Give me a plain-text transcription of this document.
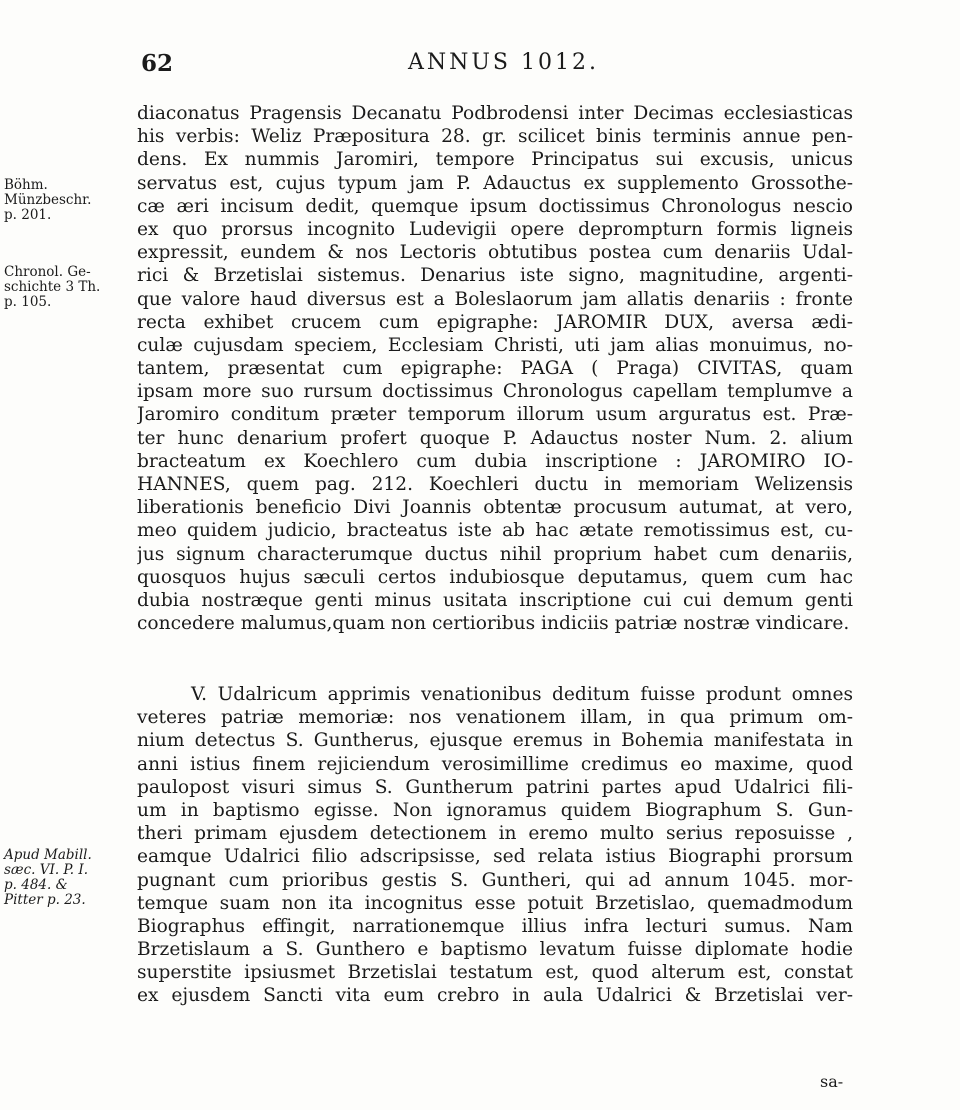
62	ANNUS 1012.
Böhm.
Münzbeschr.
p. 201.
Chronol. Ge-
schichte 3 Th.
p. 105.
Apud Mabill.
sæc. VI. P. I.
p. 484. &
Pitter p. 23.
diaconatus Pragensis Decanatu Podbrodensi inter Decimas ecclesiasticas
his verbis: Weliz Præpositura 28. gr. scilicet binis terminis annue pen-
dens. Ex nummis Jaromiri, tempore Principatus sui excusis, unicus
servatus est, cujus typum jam P. Adauctus ex supplemento Grossothe-
cæ æri incisum dedit, quemque ipsum doctissimus Chronologus nescio
ex quo prorsus incognito Ludevigii opere deprompturn formis ligneis
expressit, eundem & nos Lectoris obtutibus postea cum denariis Udal-
rici & Brzetislai sistemus. Denarius iste signo, magnitudine, argenti-
que valore haud diversus est a Boleslaorum jam allatis denariis : fronte
recta exhibet crucem cum epigraphe: JAROMIR DUX, aversa ædi-
culæ cujusdam speciem, Ecclesiam Christi, uti jam alias monuimus, no-
tantem, præsentat cum epigraphe: PAGA ( Praga) CIVITAS, quam
ipsam more suo rursum doctissimus Chronologus capellam templumve a
Jaromiro conditum præter temporum illorum usum arguratus est. Præ-
ter hunc denarium profert quoque P. Adauctus noster Num. 2. alium
bracteatum ex Koechlero cum dubia inscriptione : JAROMIRO IO-
HANNES, quem pag. 212. Koechleri ductu in memoriam Welizensis
liberationis beneficio Divi Joannis obtentæ procusum autumat, at vero,
meo quidem judicio, bracteatus iste ab hac ætate remotissimus est, cu-
jus signum characterumque ductus nihil proprium habet cum denariis,
quosquos hujus sæculi certos indubiosque deputamus, quem cum hac
dubia nostræque genti minus usitata inscriptione cui cui demum genti
concedere malumus,quam non certioribus indiciis patriæ nostræ vindicare.
V. Udalricum apprimis venationibus deditum fuisse produnt omnes
veteres patriæ memoriæ: nos venationem illam, in qua primum om-
nium detectus S. Guntherus, ejusque eremus in Bohemia manifestata in
anni istius finem rejiciendum verosimillime credimus eo maxime, quod
paulopost visuri simus S. Guntherum patrini partes apud Udalrici fili-
um in baptismo egisse. Non ignoramus quidem Biographum S. Gun-
theri primam ejusdem detectionem in eremo multo serius reposuisse ,
eamque Udalrici filio adscripsisse, sed relata istius Biographi prorsum
pugnant cum prioribus gestis S. Guntheri, qui ad annum 1045. mor-
temque suam non ita incognitus esse potuit Brzetislao, quemadmodum
Biographus effingit, narrationemque illius infra lecturi sumus. Nam
Brzetislaum a S. Gunthero e baptismo levatum fuisse diplomate hodie
superstite ipsiusmet Brzetislai testatum est, quod alterum est, constat
ex ejusdem Sancti vita eum crebro in aula Udalrici & Brzetislai ver-
sa-
